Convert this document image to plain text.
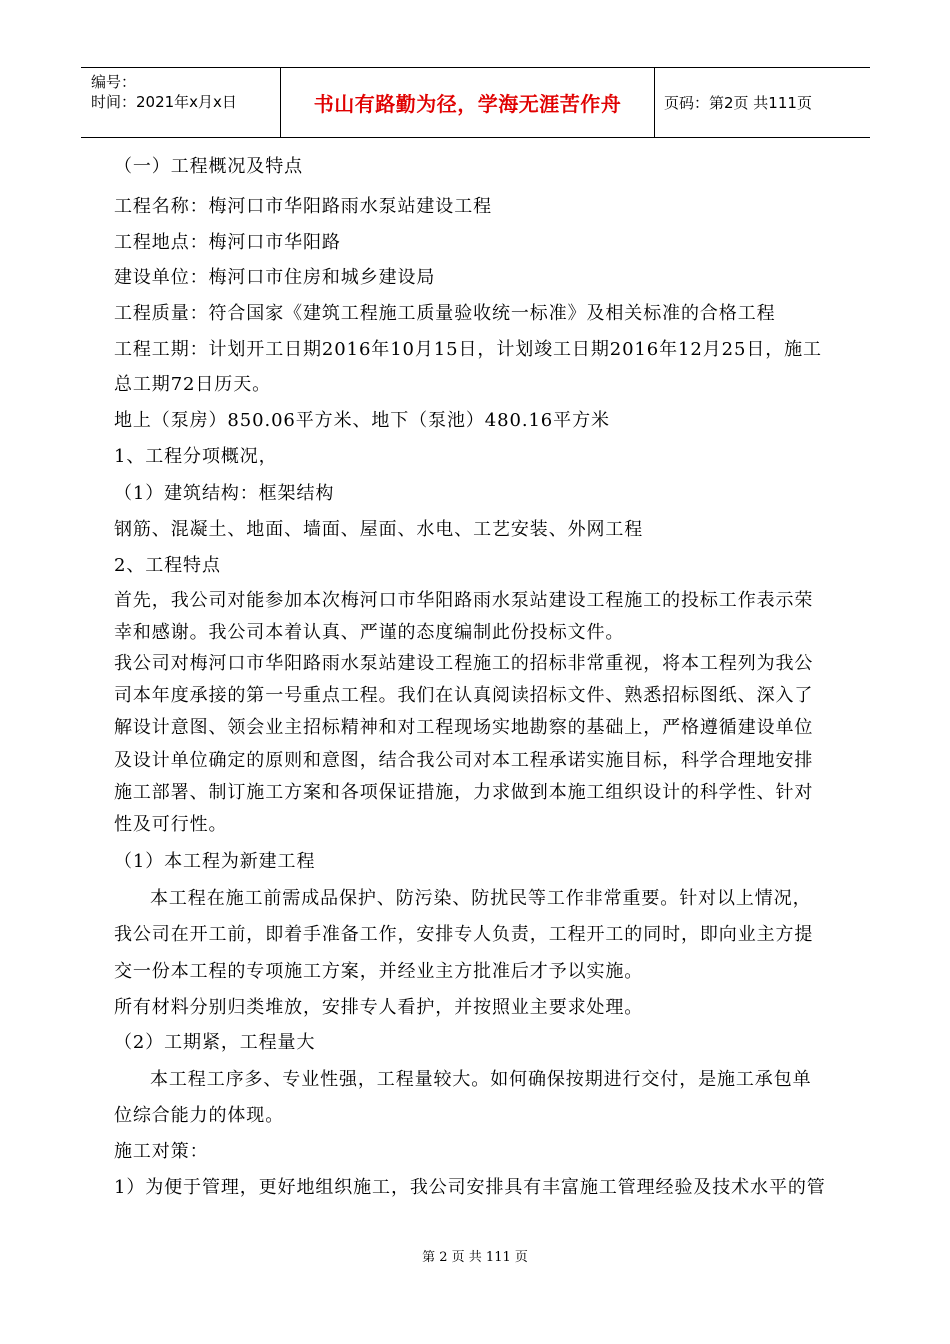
编号：
时间：2021年x月x日	书山有路勤为径，学海无涯苦作舟	页码：第2页 共111页
（一）工程概况及特点
工程名称：梅河口市华阳路雨水泵站建设工程
工程地点：梅河口市华阳路
建设单位：梅河口市住房和城乡建设局
工程质量：符合国家《建筑工程施工质量验收统一标准》及相关标准的合格工程
工程工期：计划开工日期2016年10月15日，计划竣工日期2016年12月25日，施工
总工期72日历天。
地上（泵房）850.06平方米、地下（泵池）480.16平方米
1、工程分项概况，
（1）建筑结构：框架结构
钢筋、混凝土、地面、墙面、屋面、水电、工艺安装、外网工程
2、工程特点
首先，我公司对能参加本次梅河口市华阳路雨水泵站建设工程施工的投标工作表示荣
幸和感谢。我公司本着认真、严谨的态度编制此份投标文件。
我公司对梅河口市华阳路雨水泵站建设工程施工的招标非常重视，将本工程列为我公
司本年度承接的第一号重点工程。我们在认真阅读招标文件、熟悉招标图纸、深入了
解设计意图、领会业主招标精神和对工程现场实地勘察的基础上，严格遵循建设单位
及设计单位确定的原则和意图，结合我公司对本工程承诺实施目标，科学合理地安排
施工部署、制订施工方案和各项保证措施，力求做到本施工组织设计的科学性、针对
性及可行性。
（1）本工程为新建工程
本工程在施工前需成品保护、防污染、防扰民等工作非常重要。针对以上情况，
我公司在开工前，即着手准备工作，安排专人负责，工程开工的同时，即向业主方提
交一份本工程的专项施工方案，并经业主方批准后才予以实施。
所有材料分别归类堆放，安排专人看护，并按照业主要求处理。
（2）工期紧，工程量大
本工程工序多、专业性强，工程量较大。如何确保按期进行交付，是施工承包单
位综合能力的体现。
施工对策：
1）为便于管理，更好地组织施工，我公司安排具有丰富施工管理经验及技术水平的管
第 2 页 共 111 页
